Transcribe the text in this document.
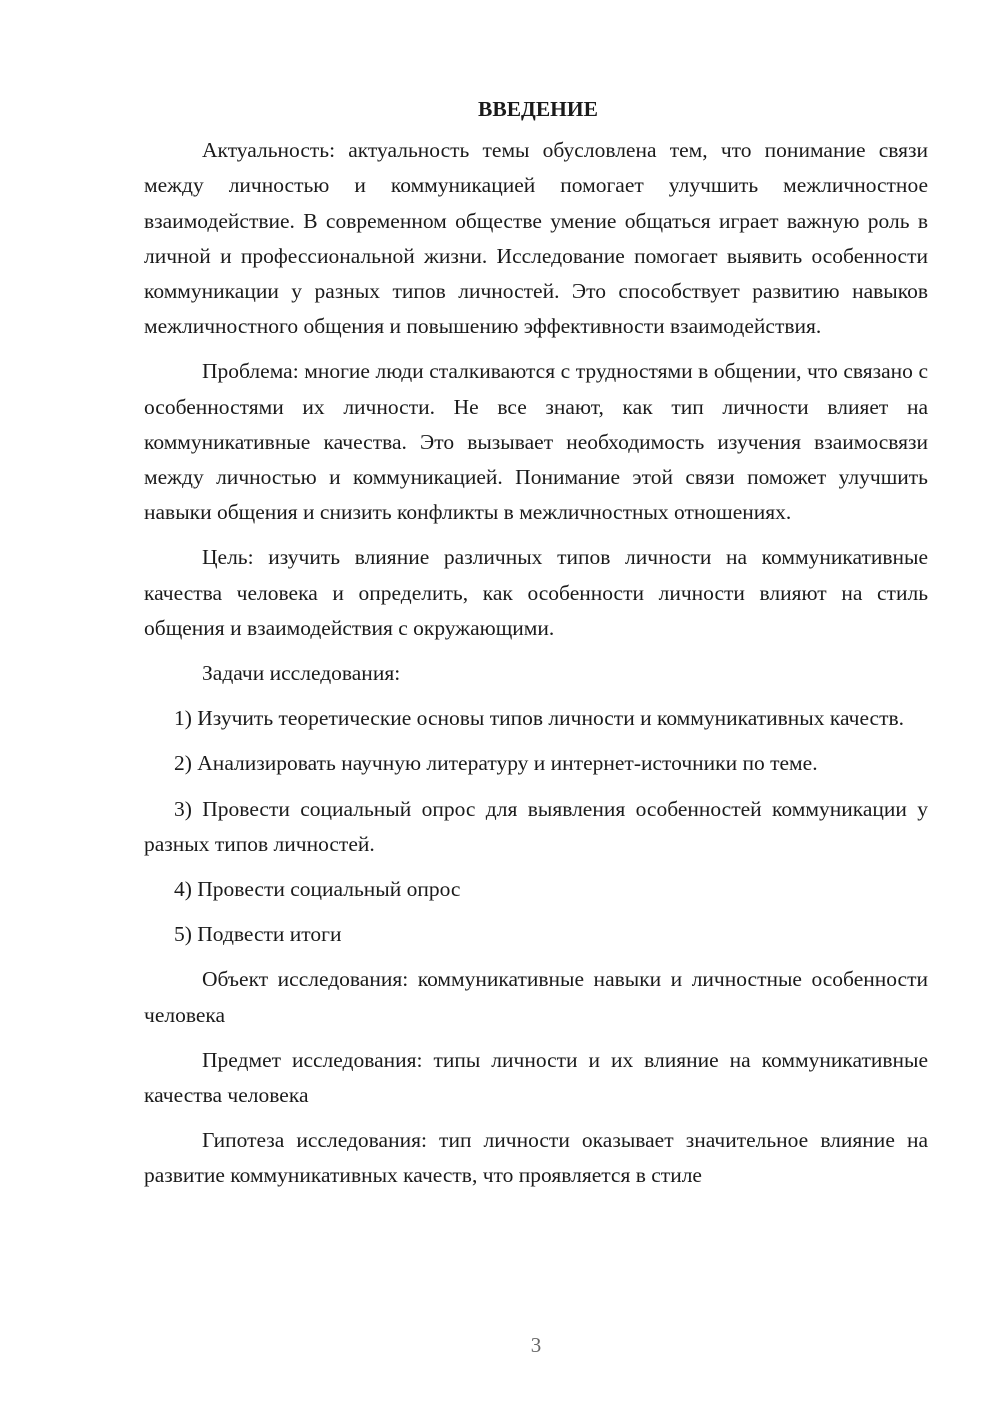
ВВЕДЕНИЕ

Актуальность: актуальность темы обусловлена тем, что понимание связи между личностью и коммуникацией помогает улучшить межличностное взаимодействие. В современном обществе умение общаться играет важную роль в личной и профессиональной жизни. Исследование помогает выявить особенности коммуникации у разных типов личностей. Это способствует развитию навыков межличностного общения и повышению эффективности взаимодействия.

Проблема: многие люди сталкиваются с трудностями в общении, что связано с особенностями их личности. Не все знают, как тип личности влияет на коммуникативные качества. Это вызывает необходимость изучения взаимосвязи между личностью и коммуникацией. Понимание этой связи поможет улучшить навыки общения и снизить конфликты в межличностных отношениях.

Цель: изучить влияние различных типов личности на коммуникативные качества человека и определить, как особенности личности влияют на стиль общения и взаимодействия с окружающими.

Задачи исследования:

1) Изучить теоретические основы типов личности и коммуникативных качеств.

2) Анализировать научную литературу и интернет-источники по теме.

3) Провести социальный опрос для выявления особенностей коммуникации у разных типов личностей.

4) Провести социальный опрос

5) Подвести итоги

Объект исследования: коммуникативные навыки и личностные особенности человека

Предмет исследования: типы личности и их влияние на коммуникативные качества человека

Гипотеза исследования: тип личности оказывает значительное влияние на развитие коммуникативных качеств, что проявляется в стиле

3
